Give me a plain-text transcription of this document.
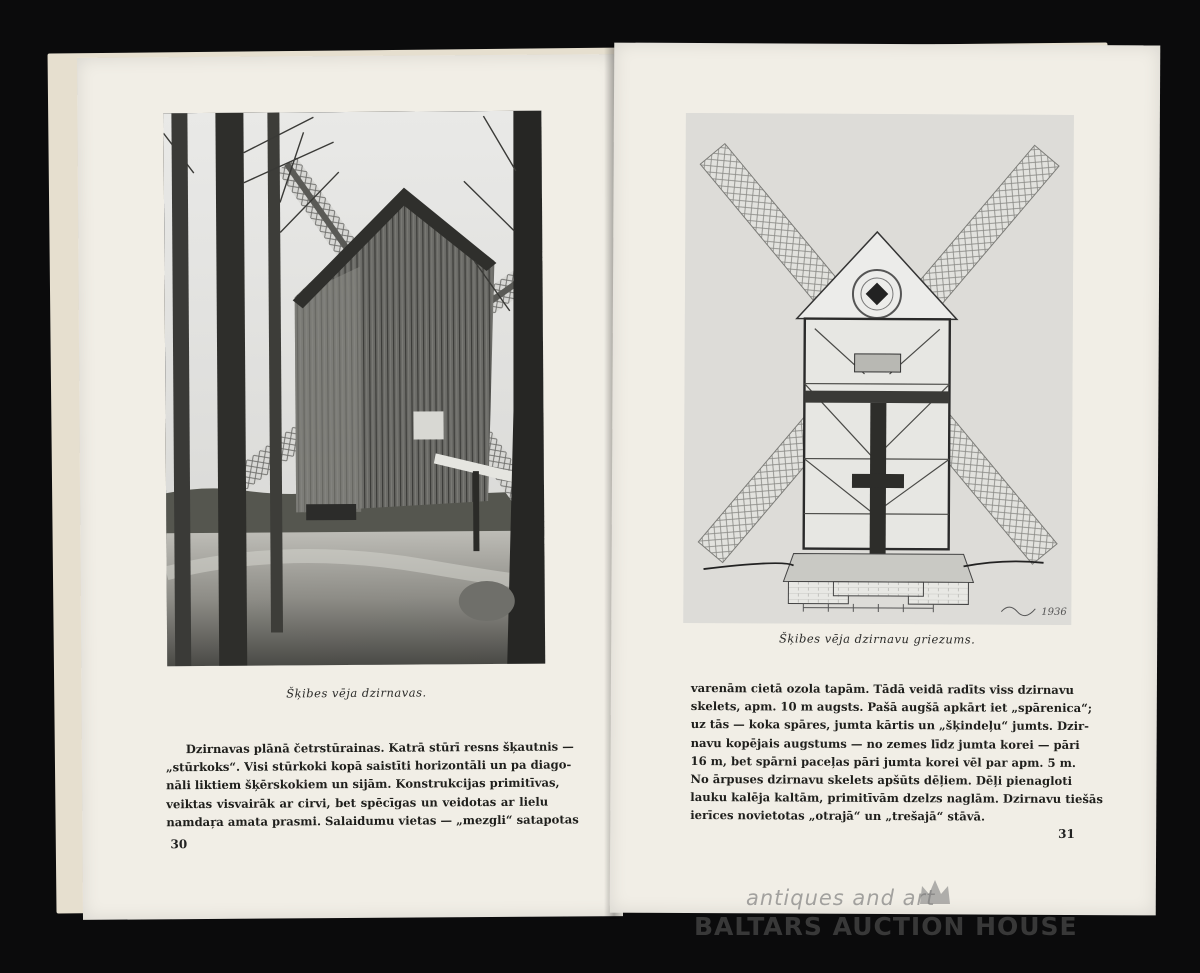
Šķibes vēja dzirnavas.
Dzirnavas plānā četrstūrainas. Katrā stūrī resns šķautnis —
„stūrkoks“. Visi stūrkoki kopā saistīti horizontāli un pa diago-
nāli liktiem šķērskokiem un sijām. Konstrukcijas primitīvas,
veiktas visvairāk ar cirvi, bet spēcīgas un veidotas ar lielu
namdaŗa amata prasmi. Salaidumu vietas — „mezgli“ satapotas
30
1936
Šķibes vēja dzirnavu griezums.
varenām cietā ozola tapām. Tādā veidā radīts viss dzirnavu
skelets, apm. 10 m augsts. Pašā augšā apkārt iet „spārenica“;
uz tās — koka spāres, jumta kārtis un „šķindeļu“ jumts. Dzir-
navu kopējais augstums — no zemes līdz jumta korei — pāri
16 m, bet spārni paceļas pāri jumta korei vēl par apm. 5 m.
No ārpuses dzirnavu skelets apšūts dēļiem. Dēļi pienagloti
lauku kalēja kaltām, primitīvām dzelzs naglām. Dzirnavu tiešās
ierīces novietotas „otrajā“ un „trešajā“ stāvā.
31
antiques and art
BALTARS AUCTION HOUSE
